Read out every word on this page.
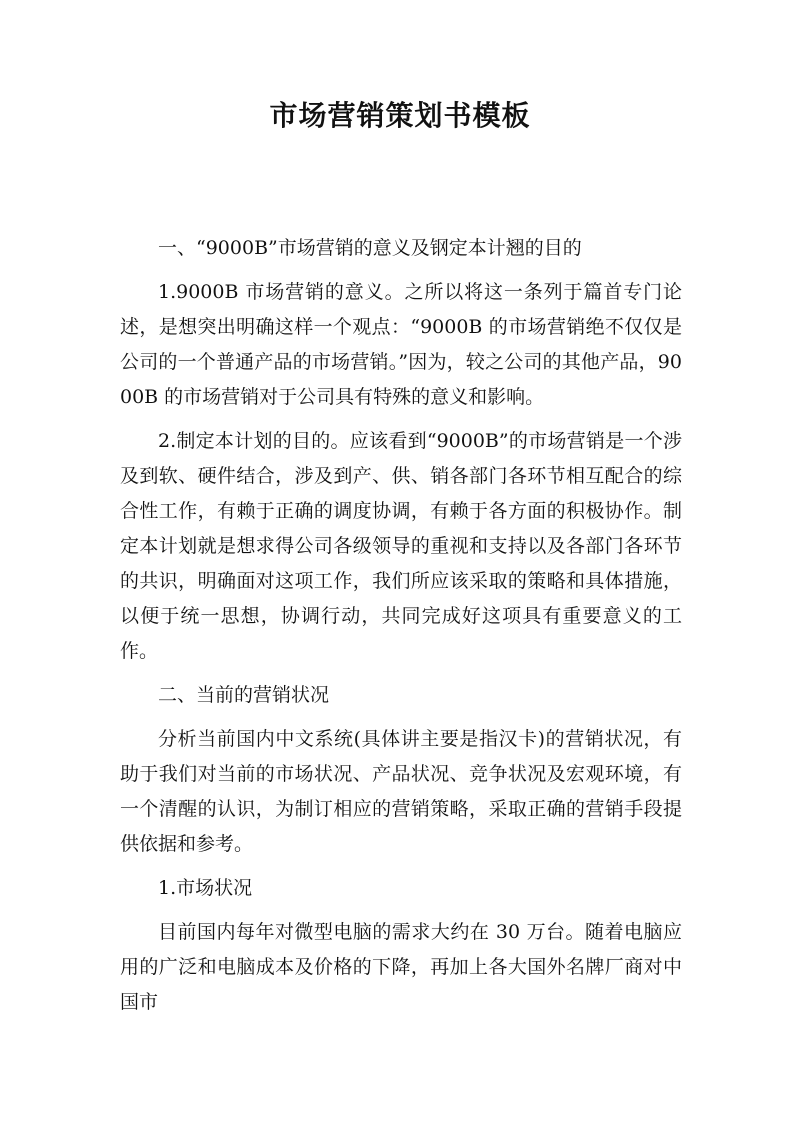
市场营销策划书模板

一、“9000B”市场营销的意义及钢定本计翘的目的

1.9000B 市场营销的意义。之所以将这一条列于篇首专门论述，是想突出明确这样一个观点：“9000B 的市场营销绝不仅仅是公司的一个普通产品的市场营销。”因为，较之公司的其他产品，9000B 的市场营销对于公司具有特殊的意义和影响。

2.制定本计划的目的。应该看到“9000B”的市场营销是一个涉及到软、硬件结合，涉及到产、供、销各部门各环节相互配合的综合性工作，有赖于正确的调度协调，有赖于各方面的积极协作。制定本计划就是想求得公司各级领导的重视和支持以及各部门各环节的共识，明确面对这项工作，我们所应该采取的策略和具体措施，以便于统一思想，协调行动，共同完成好这项具有重要意义的工作。

二、当前的营销状况

分析当前国内中文系统(具体讲主要是指汉卡)的营销状况，有助于我们对当前的市场状况、产品状况、竞争状况及宏观环境，有一个清醒的认识，为制订相应的营销策略，采取正确的营销手段提供依据和参考。

1.市场状况

目前国内每年对微型电脑的需求大约在 30 万台。随着电脑应用的广泛和电脑成本及价格的下降，再加上各大国外名牌厂商对中国市
